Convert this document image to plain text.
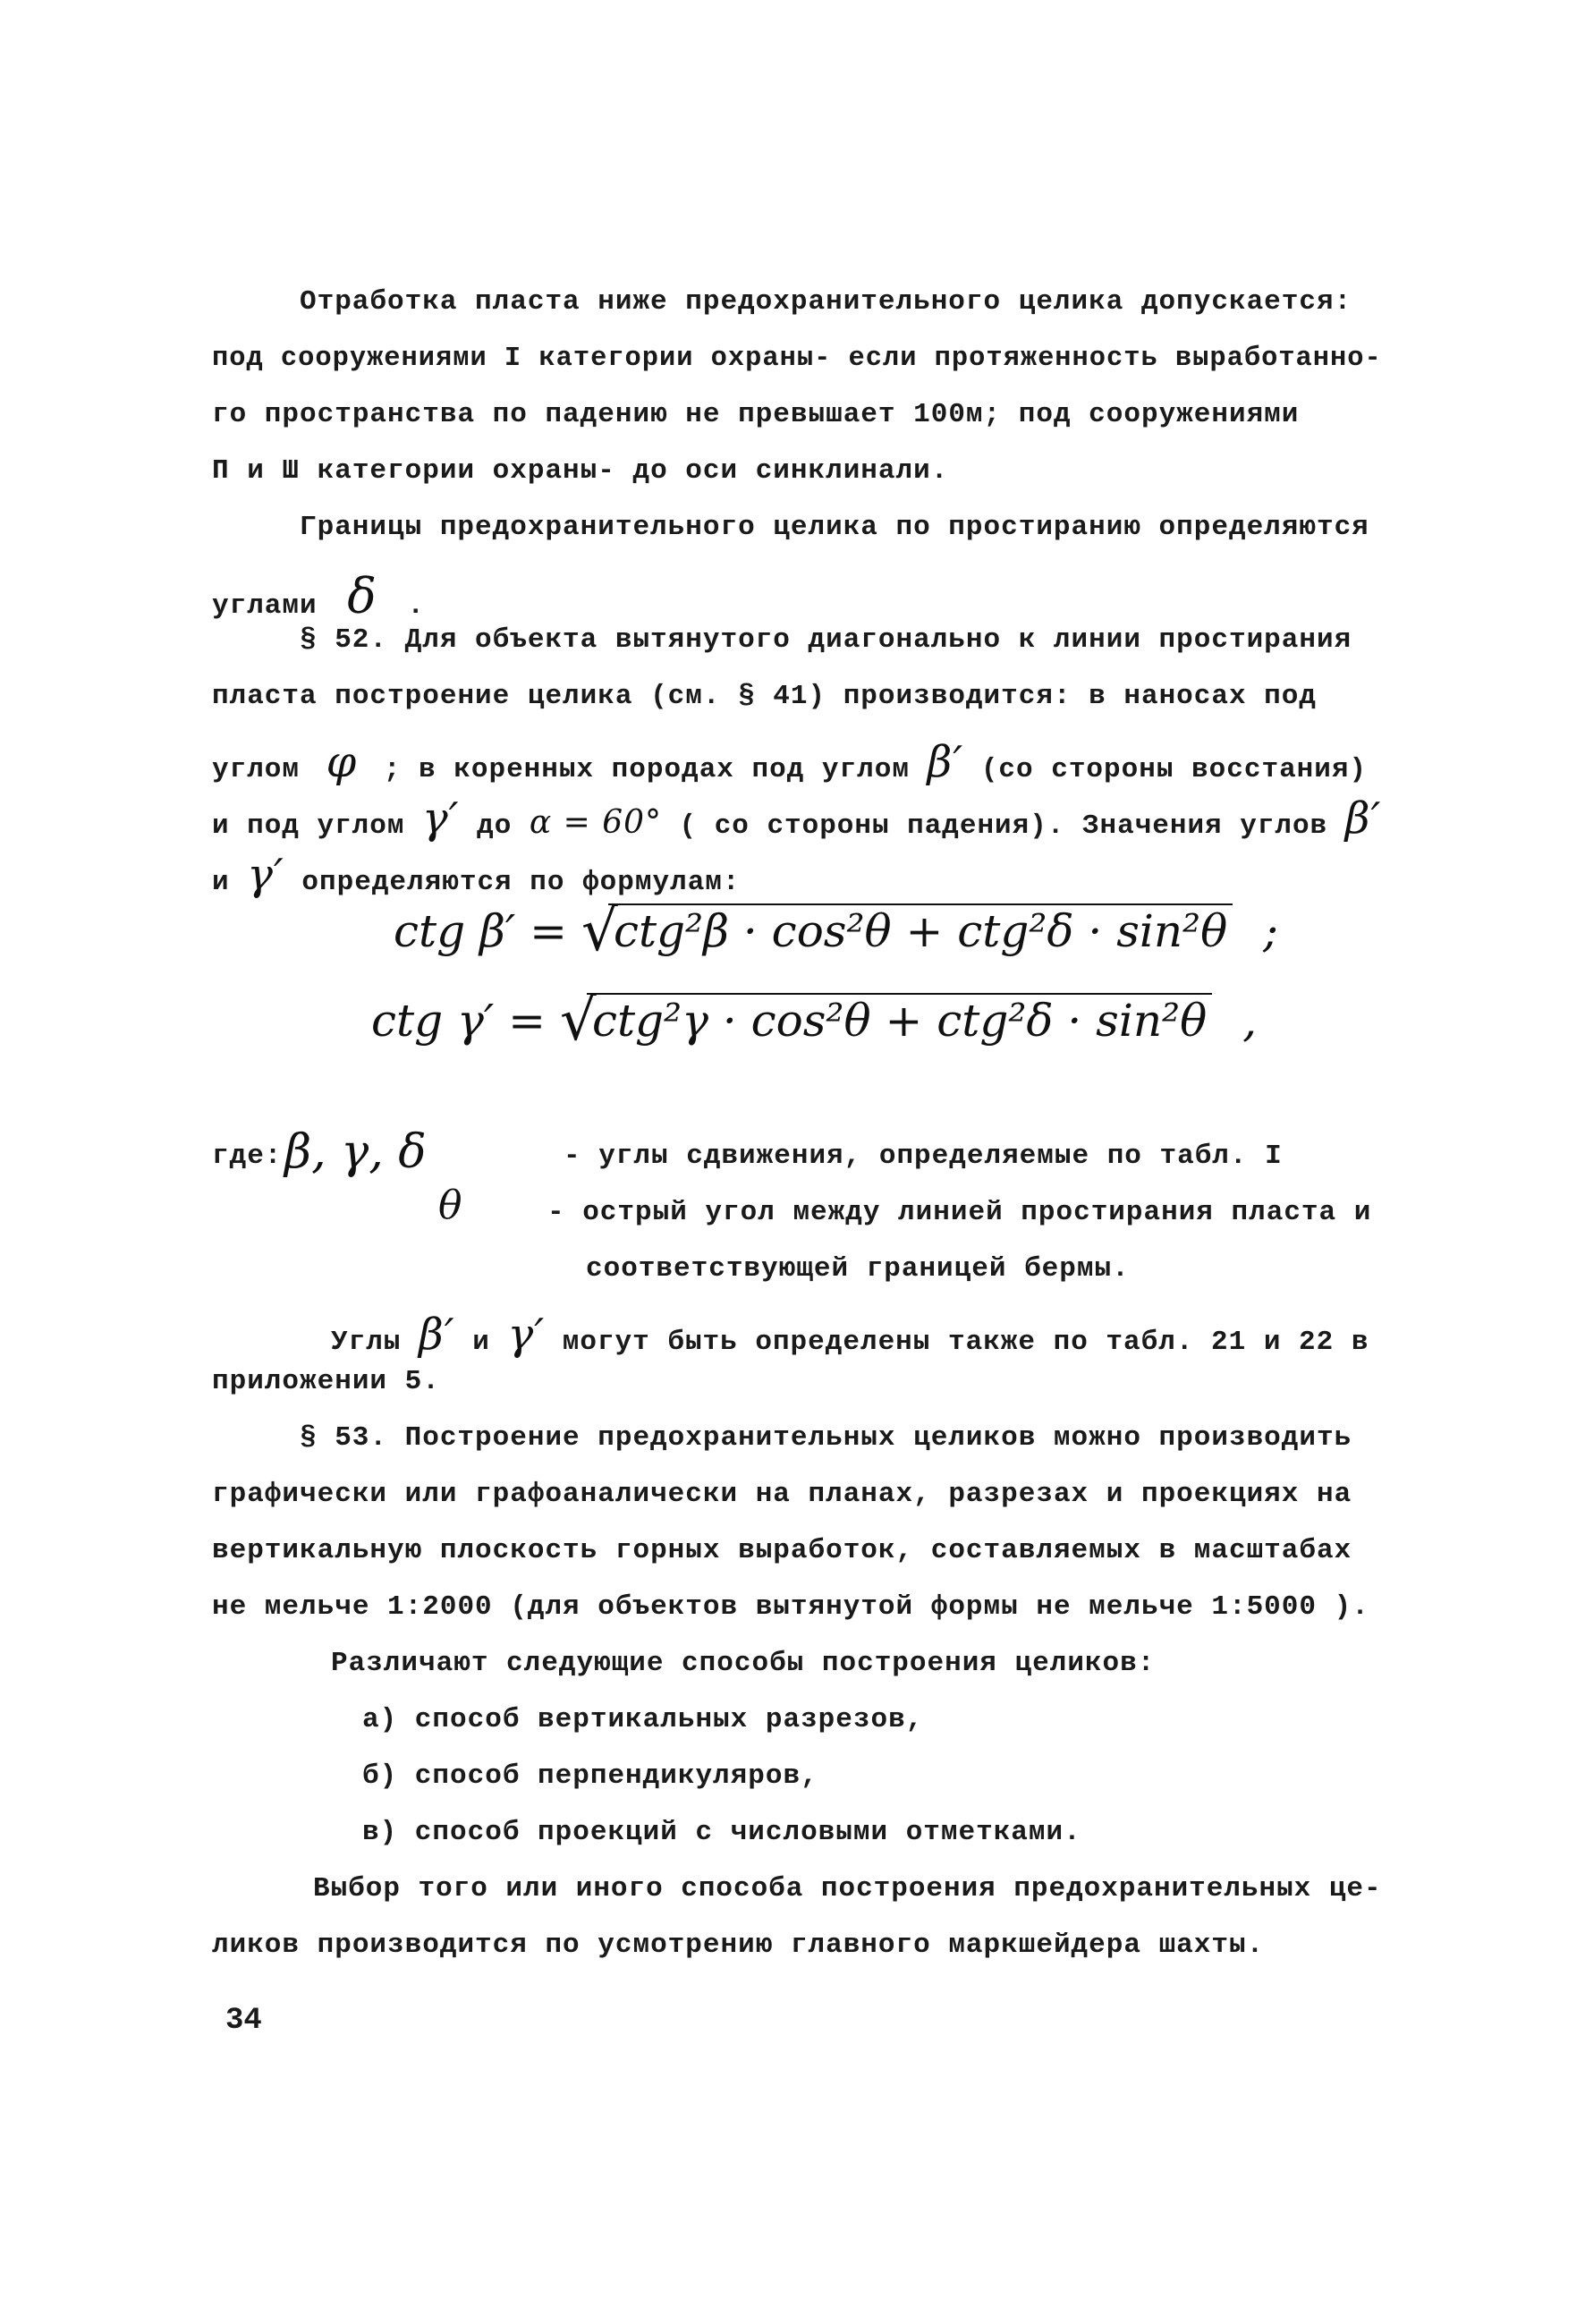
Отработка пласта ниже предохранительного целика допускается:
под сооружениями I категории охраны- если протяженность выработанно-
го пространства по падению не превышает 100м; под сооружениями
П и Ш категории охраны- до оси синклинали.
Границы предохранительного целика по простиранию определяются
углами δ .
§ 52. Для объекта вытянутого диагонально к линии простирания
пласта построение целика (см. § 41) производится: в наносах под
углом φ ; в коренных породах под углом β′ (со стороны восстания)
и под углом γ′ до α = 60° ( со стороны падения). Значения углов β′
и γ′ определяются по формулам:
ctg β′ = √
ctg²β · cos²θ + ctg²δ · sin²θ ;
ctg γ′ = √
ctg²γ · cos²θ + ctg²δ · sin²θ ,
где: β, γ, δ	- углы сдвижения, определяемые по табл. I
θ	- острый угол между линией простирания пласта и
соответствующей границей бермы.
Углы β′ и γ′ могут быть определены также по табл. 21 и 22 в
приложении 5.
§ 53. Построение предохранительных целиков можно производить
графически или графоаналически на планах, разрезах и проекциях на
вертикальную плоскость горных выработок, составляемых в масштабах
не мельче 1:2000 (для объектов вытянутой формы не мельче 1:5000 ).
Различают следующие способы построения целиков:
а) способ вертикальных разрезов,
б) способ перпендикуляров,
в) способ проекций с числовыми отметками.
Выбор того или иного способа построения предохранительных це-
ликов производится по усмотрению главного маркшейдера шахты.
34
